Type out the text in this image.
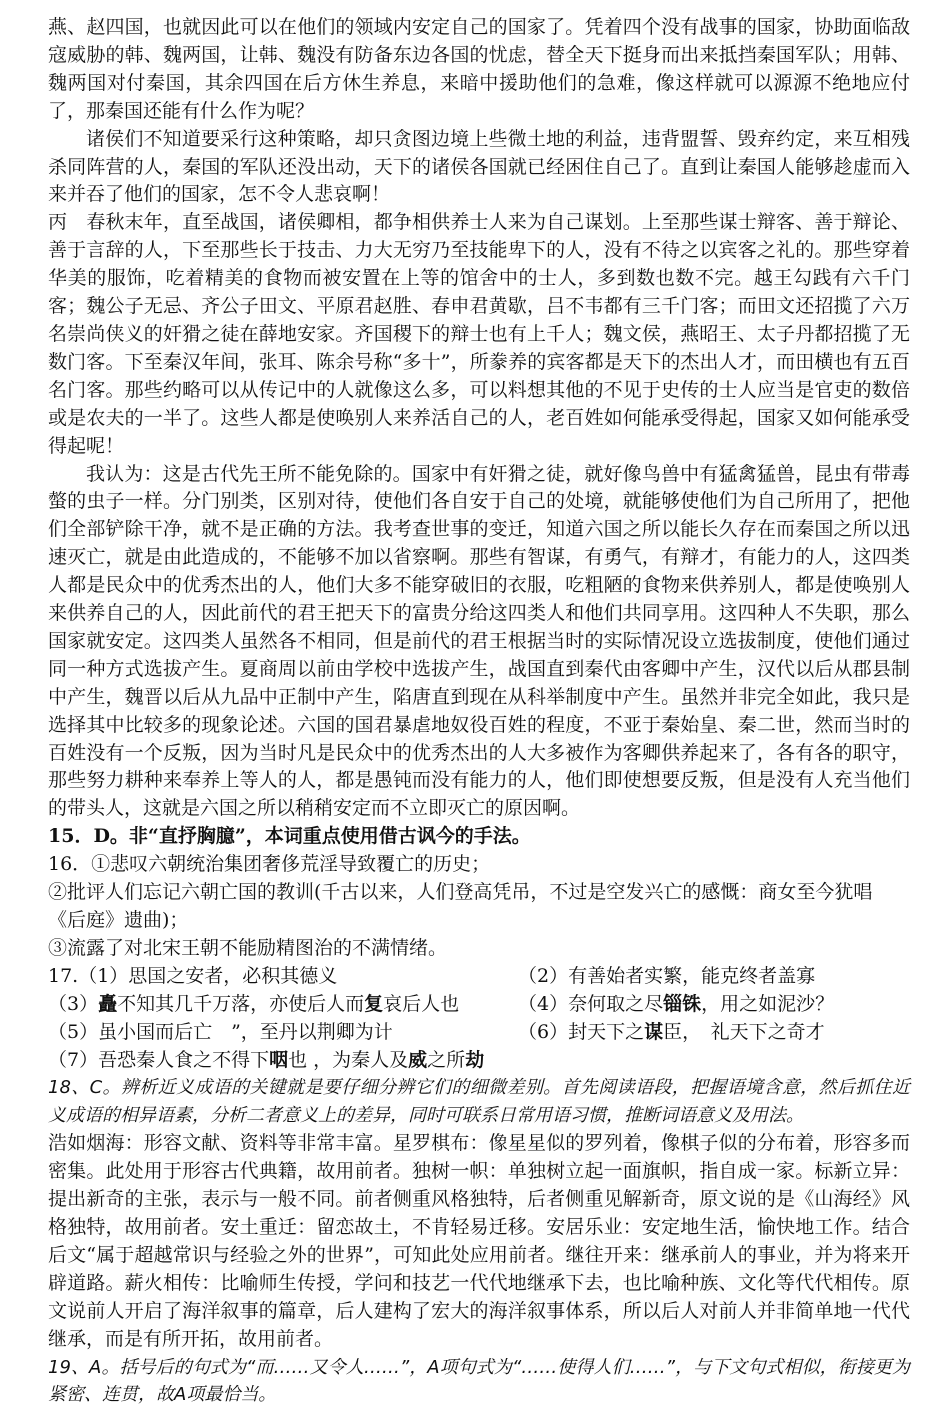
燕、赵四国，也就因此可以在他们的领域内安定自己的国家了。凭着四个没有战事的国家，协助面临敌寇威胁的韩、魏两国，让韩、魏没有防备东边各国的忧虑，替全天下挺身而出来抵挡秦国军队；用韩、魏两国对付秦国，其余四国在后方休生养息，来暗中援助他们的急难，像这样就可以源源不绝地应付了，那秦国还能有什么作为呢？

诸侯们不知道要采行这种策略，却只贪图边境上些微土地的利益，违背盟誓、毁弃约定，来互相残杀同阵营的人，秦国的军队还没出动，天下的诸侯各国就已经困住自己了。直到让秦国人能够趁虚而入来并吞了他们的国家，怎不令人悲哀啊！

丙　春秋末年，直至战国，诸侯卿相，都争相供养士人来为自己谋划。上至那些谋士辩客、善于辩论、善于言辞的人，下至那些长于技击、力大无穷乃至技能卑下的人，没有不待之以宾客之礼的。那些穿着华美的服饰，吃着精美的食物而被安置在上等的馆舍中的士人，多到数也数不完。越王勾践有六千门客；魏公子无忌、齐公子田文、平原君赵胜、春申君黄歇，吕不韦都有三千门客；而田文还招揽了六万名崇尚侠义的奸猾之徒在薛地安家。齐国稷下的辩士也有上千人；魏文侯，燕昭王、太子丹都招揽了无数门客。下至秦汉年间，张耳、陈余号称“多十”，所豢养的宾客都是天下的杰出人才，而田横也有五百名门客。那些约略可以从传记中的人就像这么多，可以料想其他的不见于史传的士人应当是官吏的数倍或是农夫的一半了。这些人都是使唤别人来养活自己的人，老百姓如何能承受得起，国家又如何能承受得起呢！

我认为：这是古代先王所不能免除的。国家中有奸猾之徒，就好像鸟兽中有猛禽猛兽，昆虫有带毒螫的虫子一样。分门别类，区别对待，使他们各自安于自己的处境，就能够使他们为自己所用了，把他们全部铲除干净，就不是正确的方法。我考查世事的变迁，知道六国之所以能长久存在而秦国之所以迅速灭亡，就是由此造成的，不能够不加以省察啊。那些有智谋，有勇气，有辩才，有能力的人，这四类人都是民众中的优秀杰出的人，他们大多不能穿破旧的衣服，吃粗陋的食物来供养别人，都是使唤别人来供养自己的人，因此前代的君王把天下的富贵分给这四类人和他们共同享用。这四种人不失职，那么国家就安定。这四类人虽然各不相同，但是前代的君王根据当时的实际情况设立选拔制度，使他们通过同一种方式选拔产生。夏商周以前由学校中选拔产生，战国直到秦代由客卿中产生，汉代以后从郡县制中产生，魏晋以后从九品中正制中产生，陷唐直到现在从科举制度中产生。虽然并非完全如此，我只是选择其中比较多的现象论述。六国的国君暴虐地奴役百姓的程度，不亚于秦始皇、秦二世，然而当时的百姓没有一个反叛，因为当时凡是民众中的优秀杰出的人大多被作为客卿供养起来了，各有各的职守，那些努力耕种来奉养上等人的人，都是愚钝而没有能力的人，他们即使想要反叛，但是没有人充当他们的带头人，这就是六国之所以稍稍安定而不立即灭亡的原因啊。

15．D。非“直抒胸臆”，本词重点使用借古讽今的手法。

16．①悲叹六朝统治集团奢侈荒淫导致覆亡的历史；

②批评人们忘记六朝亡国的教训(千古以来，人们登高凭吊，不过是空发兴亡的感慨：商女至今犹唱

《后庭》遗曲)；

③流露了对北宋王朝不能励精图治的不满情绪。

17.（1）思国之安者，必积其德义	（2）有善始者实繁，能克终者盖寡
（3）矗不知其几千万落，亦使后人而复哀后人也	（4）奈何取之尽锱铢，用之如泥沙？
（5）虽小国而后亡　”，至丹以荆卿为计	（6）封天下之谋臣，　礼天下之奇才
（7）吾恐秦人食之不得下咽也 ，为秦人及威之所劫

18、C。辨析近义成语的关键就是要仔细分辨它们的细微差别。首先阅读语段，把握语境含意，然后抓住近义成语的相异语素，分析二者意义上的差异，同时可联系日常用语习惯，推断词语意义及用法。

浩如烟海：形容文献、资料等非常丰富。星罗棋布：像星星似的罗列着，像棋子似的分布着，形容多而密集。此处用于形容古代典籍，故用前者。独树一帜：单独树立起一面旗帜，指自成一家。标新立异：提出新奇的主张，表示与一般不同。前者侧重风格独特，后者侧重见解新奇，原文说的是《山海经》风格独特，故用前者。安土重迁：留恋故土，不肯轻易迁移。安居乐业：安定地生活，愉快地工作。结合后文“属于超越常识与经验之外的世界”，可知此处应用前者。继往开来：继承前人的事业，并为将来开辟道路。薪火相传：比喻师生传授，学问和技艺一代代地继承下去，也比喻种族、文化等代代相传。原文说前人开启了海洋叙事的篇章，后人建构了宏大的海洋叙事体系，所以后人对前人并非简单地一代代继承，而是有所开拓，故用前者。

19、A。括号后的句式为“而……又令人……”，A项句式为“……使得人们……”，与下文句式相似，衔接更为紧密、连贯，故A项最恰当。
